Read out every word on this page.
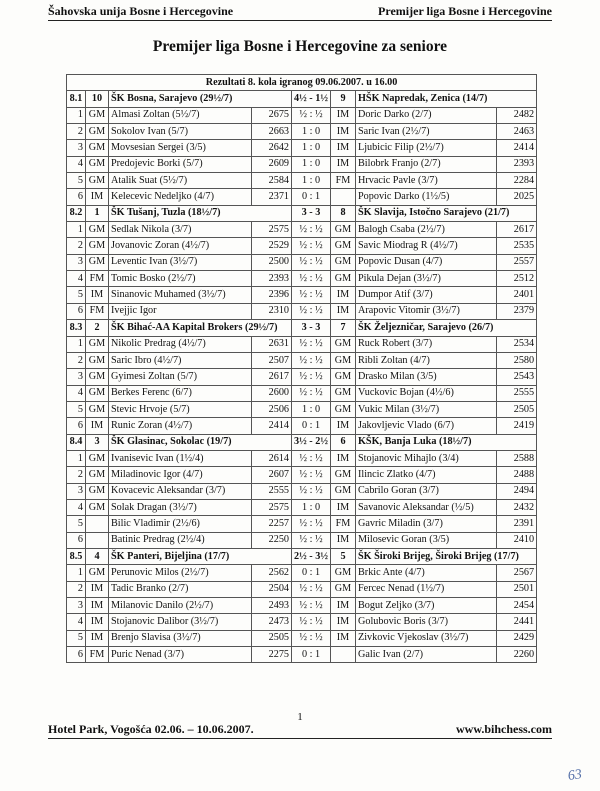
Šahovska unija Bosne i Hercegovine	Premijer liga Bosne i Hercegovine
Premijer liga Bosne i Hercegovine za seniore
Rezultati 8. kola igranog 09.06.2007. u 16.00							
8.1	10	ŠK Bosna, Sarajevo (29½/7)		4½ - 1½	9	HŠK Napredak, Zenica (14/7)	
1	GM	Almasi Zoltan (5½/7)	2675	½ : ½	IM	Doric Darko (2/7)	2482
2	GM	Sokolov Ivan (5/7)	2663	1 : 0	IM	Saric Ivan (2½/7)	2463
3	GM	Movsesian Sergei (3/5)	2642	1 : 0	IM	Ljubicic Filip (2½/7)	2414
4	GM	Predojevic Borki (5/7)	2609	1 : 0	IM	Bilobrk Franjo (2/7)	2393
5	GM	Atalik Suat (5½/7)	2584	1 : 0	FM	Hrvacic Pavle (3/7)	2284
6	IM	Kelecevic Nedeljko (4/7)	2371	0 : 1		Popovic Darko (1½/5)	2025
8.2	1	ŠK Tušanj, Tuzla (18½/7)		3 - 3	8	ŠK Slavija, Istočno Sarajevo (21/7)	
1	GM	Sedlak Nikola (3/7)	2575	½ : ½	GM	Balogh Csaba (2½/7)	2617
2	GM	Jovanovic Zoran (4½/7)	2529	½ : ½	GM	Savic Miodrag R (4½/7)	2535
3	GM	Leventic Ivan (3½/7)	2500	½ : ½	GM	Popovic Dusan (4/7)	2557
4	FM	Tomic Bosko (2½/7)	2393	½ : ½	GM	Pikula Dejan (3½/7)	2512
5	IM	Sinanovic Muhamed (3½/7)	2396	½ : ½	IM	Dumpor Atif (3/7)	2401
6	FM	Ivejjic Igor	2310	½ : ½	IM	Arapovic Vitomir (3½/7)	2379
8.3	2	ŠK Bihać-AA Kapital Brokers (29½/7)		3 - 3	7	ŠK Željezničar, Sarajevo (26/7)	
1	GM	Nikolic Predrag (4½/7)	2631	½ : ½	GM	Ruck Robert (3/7)	2534
2	GM	Saric Ibro (4½/7)	2507	½ : ½	GM	Ribli Zoltan (4/7)	2580
3	GM	Gyimesi Zoltan (5/7)	2617	½ : ½	GM	Drasko Milan (3/5)	2543
4	GM	Berkes Ferenc (6/7)	2600	½ : ½	GM	Vuckovic Bojan (4½/6)	2555
5	GM	Stevic Hrvoje (5/7)	2506	1 : 0	GM	Vukic Milan (3½/7)	2505
6	IM	Runic Zoran (4½/7)	2414	0 : 1	IM	Jakovljevic Vlado (6/7)	2419
8.4	3	ŠK Glasinac, Sokolac (19/7)		3½ - 2½	6	KŠK, Banja Luka (18½/7)	
1	GM	Ivanisevic Ivan (1½/4)	2614	½ : ½	IM	Stojanovic Mihajlo (3/4)	2588
2	GM	Miladinovic Igor (4/7)	2607	½ : ½	GM	Ilincic Zlatko (4/7)	2488
3	GM	Kovacevic Aleksandar (3/7)	2555	½ : ½	GM	Cabrilo Goran (3/7)	2494
4	GM	Solak Dragan (3½/7)	2575	1 : 0	IM	Savanovic Aleksandar (½/5)	2432
5		Bilic Vladimir (2½/6)	2257	½ : ½	FM	Gavric Miladin (3/7)	2391
6		Batinic Predrag (2½/4)	2250	½ : ½	IM	Milosevic Goran (3/5)	2410
8.5	4	ŠK Panteri, Bijeljina (17/7)		2½ - 3½	5	ŠK Široki Brijeg, Široki Brijeg (17/7)	
1	GM	Perunovic Milos (2½/7)	2562	0 : 1	GM	Brkic Ante (4/7)	2567
2	IM	Tadic Branko (2/7)	2504	½ : ½	GM	Fercec Nenad (1½/7)	2501
3	IM	Milanovic Danilo (2½/7)	2493	½ : ½	IM	Bogut Zeljko (3/7)	2454
4	IM	Stojanovic Dalibor (3½/7)	2473	½ : ½	IM	Golubovic Boris (3/7)	2441
5	IM	Brenjo Slavisa (3½/7)	2505	½ : ½	IM	Zivkovic Vjekoslav (3½/7)	2429
6	FM	Puric Nenad (3/7)	2275	0 : 1		Galic Ivan (2/7)	2260
1
Hotel Park, Vogošća 02.06. – 10.06.2007.	www.bihchess.com
63
